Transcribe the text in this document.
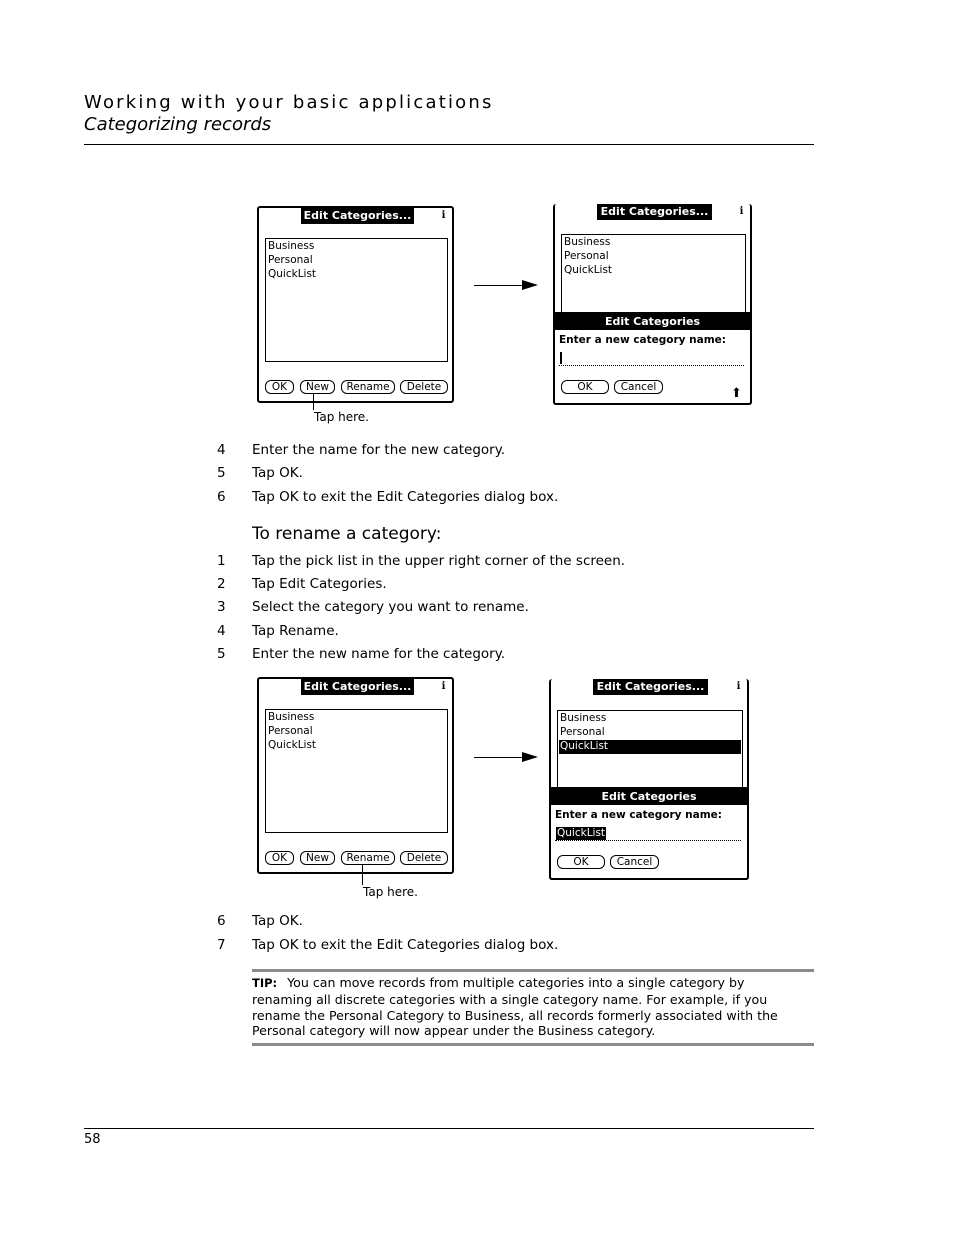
Working with your basic applications
Categorizing records
Edit Categories...	i
Business
Personal
QuickList
OK	New	Rename	Delete
Tap here.
Edit Categories...	i
Business
Personal
QuickList
Edit Categories
Enter a new category name:
OK	Cancel	⬆
4 Enter the name for the new category.
5 Tap OK.
6 Tap OK to exit the Edit Categories dialog box.
To rename a category:
1 Tap the pick list in the upper right corner of the screen.
2 Tap Edit Categories.
3 Select the category you want to rename.
4 Tap Rename.
5 Enter the new name for the category.
Edit Categories...	i
Business
Personal
QuickList
OK	New	Rename	Delete
Tap here.
Edit Categories...	i
Business
Personal
QuickList
Edit Categories
Enter a new category name:
QuickList
OK	Cancel
6 Tap OK.
7 Tap OK to exit the Edit Categories dialog box.
TIP: You can move records from multiple categories into a single category by renaming all discrete categories with a single category name. For example, if you rename the Personal Category to Business, all records formerly associated with the Personal category will now appear under the Business category.
58
